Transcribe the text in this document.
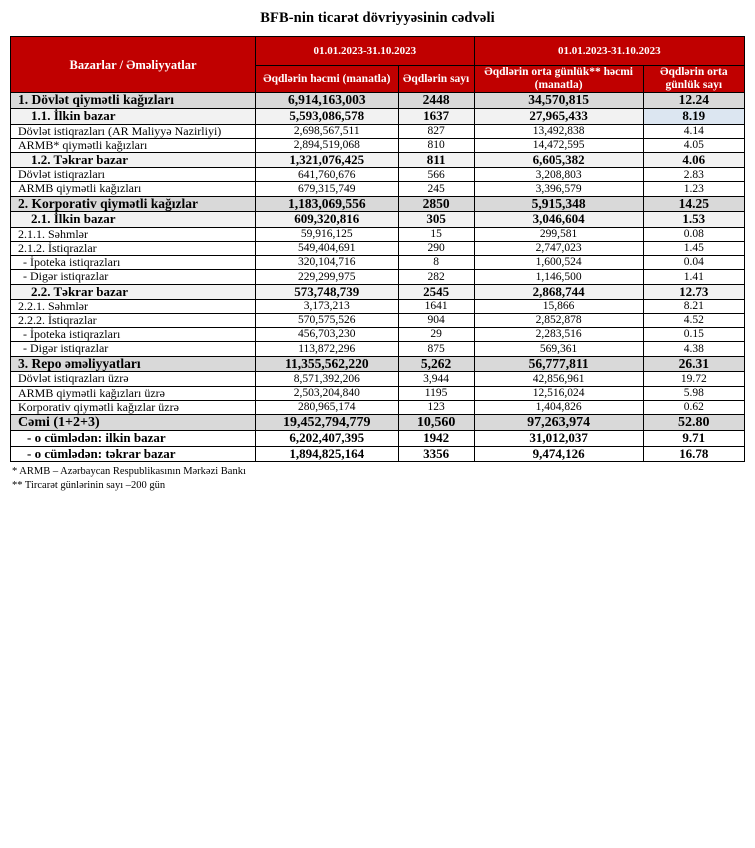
BFB-nin ticarət dövriyyəsinin cədvəli
Bazarlar / Əməliyyatlar	01.01.2023-31.10.2023		01.01.2023-31.10.2023	
	Əqdlərin həcmi (manatla)	Əqdlərin sayı	Əqdlərin orta günlük** həcmi (manatla)	Əqdlərin orta günlük sayı
1. Dövlət qiymətli kağızları	6,914,163,003	2448	34,570,815	12.24
1.1. İlkin bazar	5,593,086,578	1637	27,965,433	8.19
Dövlət istiqrazları (AR Maliyyə Nazirliyi)	2,698,567,511	827	13,492,838	4.14
ARMB* qiymətli kağızları	2,894,519,068	810	14,472,595	4.05
1.2. Təkrar bazar	1,321,076,425	811	6,605,382	4.06
Dövlət istiqrazları	641,760,676	566	3,208,803	2.83
ARMB qiymətli kağızları	679,315,749	245	3,396,579	1.23
2. Korporativ qiymətli kağızlar	1,183,069,556	2850	5,915,348	14.25
2.1. İlkin bazar	609,320,816	305	3,046,604	1.53
2.1.1. Səhmlər	59,916,125	15	299,581	0.08
2.1.2. İstiqrazlar	549,404,691	290	2,747,023	1.45
- İpoteka istiqrazları	320,104,716	8	1,600,524	0.04
- Digər istiqrazlar	229,299,975	282	1,146,500	1.41
2.2. Təkrar bazar	573,748,739	2545	2,868,744	12.73
2.2.1. Səhmlər	3,173,213	1641	15,866	8.21
2.2.2. İstiqrazlar	570,575,526	904	2,852,878	4.52
- İpoteka istiqrazları	456,703,230	29	2,283,516	0.15
- Digər istiqrazlar	113,872,296	875	569,361	4.38
3. Repo əməliyyatları	11,355,562,220	5,262	56,777,811	26.31
Dövlət istiqrazları üzrə	8,571,392,206	3,944	42,856,961	19.72
ARMB qiymətli kağızları üzrə	2,503,204,840	1195	12,516,024	5.98
Korporativ qiymətli kağızlar üzrə	280,965,174	123	1,404,826	0.62
Cəmi (1+2+3)	19,452,794,779	10,560	97,263,974	52.80
- o cümlədən: ilkin bazar	6,202,407,395	1942	31,012,037	9.71
- o cümlədən: təkrar bazar	1,894,825,164	3356	9,474,126	16.78
* ARMB – Azərbaycan Respublikasının Mərkəzi Bankı
** Tircarət günlərinin sayı –200 gün
